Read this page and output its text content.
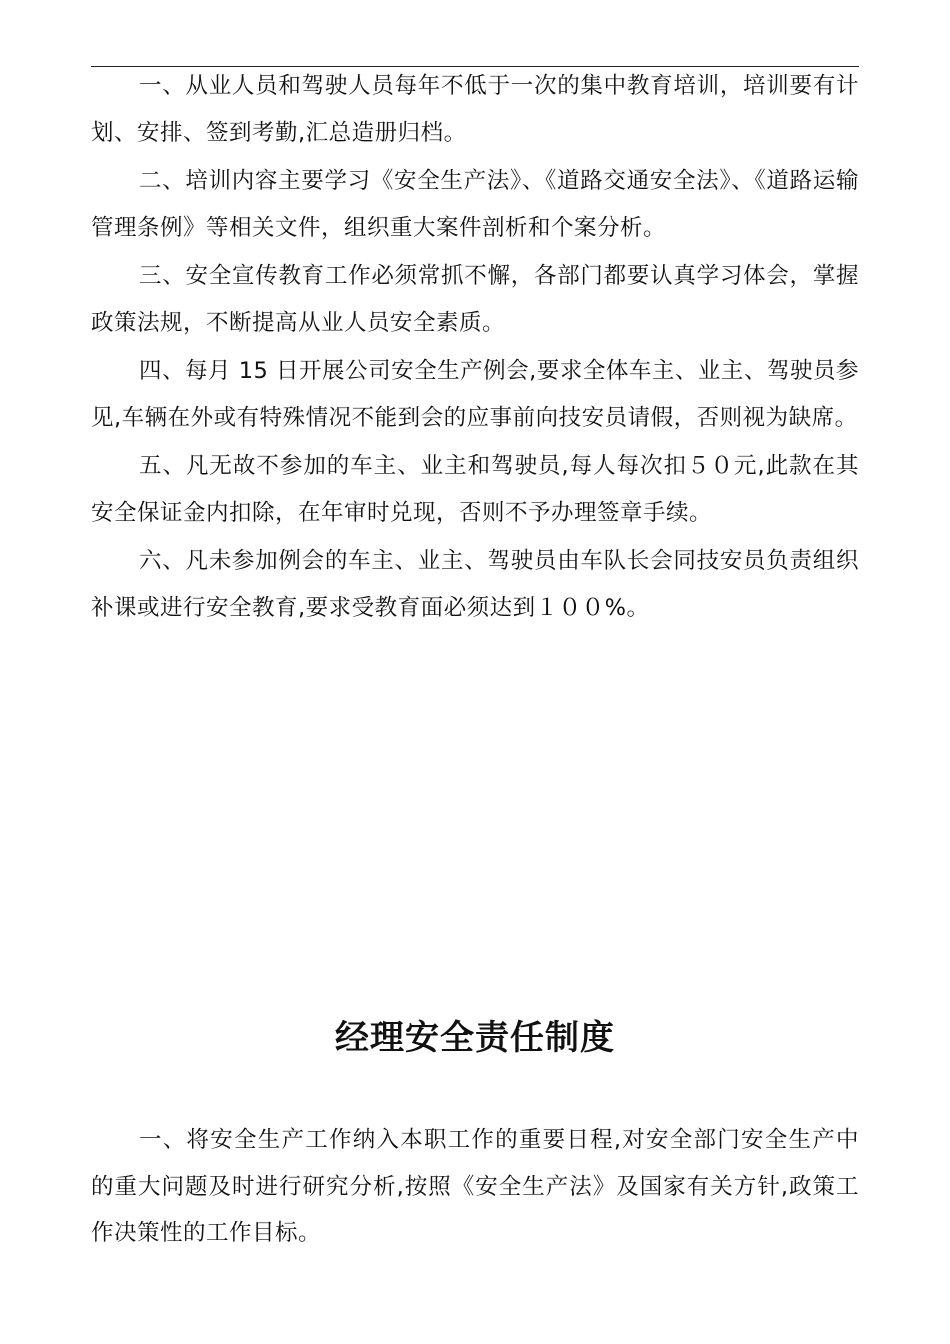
一、从业人员和驾驶人员每年不低于一次的集中教育培训，培训要有计划、安排、签到考勤,汇总造册归档。

二、培训内容主要学习《安全生产法》、《道路交通安全法》、《道路运输管理条例》等相关文件，组织重大案件剖析和个案分析。

三、安全宣传教育工作必须常抓不懈，各部门都要认真学习体会，掌握政策法规，不断提高从业人员安全素质。

四、每月 15 日开展公司安全生产例会,要求全体车主、业主、驾驶员参见,车辆在外或有特殊情况不能到会的应事前向技安员请假，否则视为缺席。

五、凡无故不参加的车主、业主和驾驶员,每人每次扣５０元,此款在其安全保证金内扣除，在年审时兑现，否则不予办理签章手续。

六、凡未参加例会的车主、业主、驾驶员由车队长会同技安员负责组织补课或进行安全教育,要求受教育面必须达到１００%。

经理安全责任制度

一、将安全生产工作纳入本职工作的重要日程,对安全部门安全生产中的重大问题及时进行研究分析,按照《安全生产法》及国家有关方针,政策工作决策性的工作目标。
